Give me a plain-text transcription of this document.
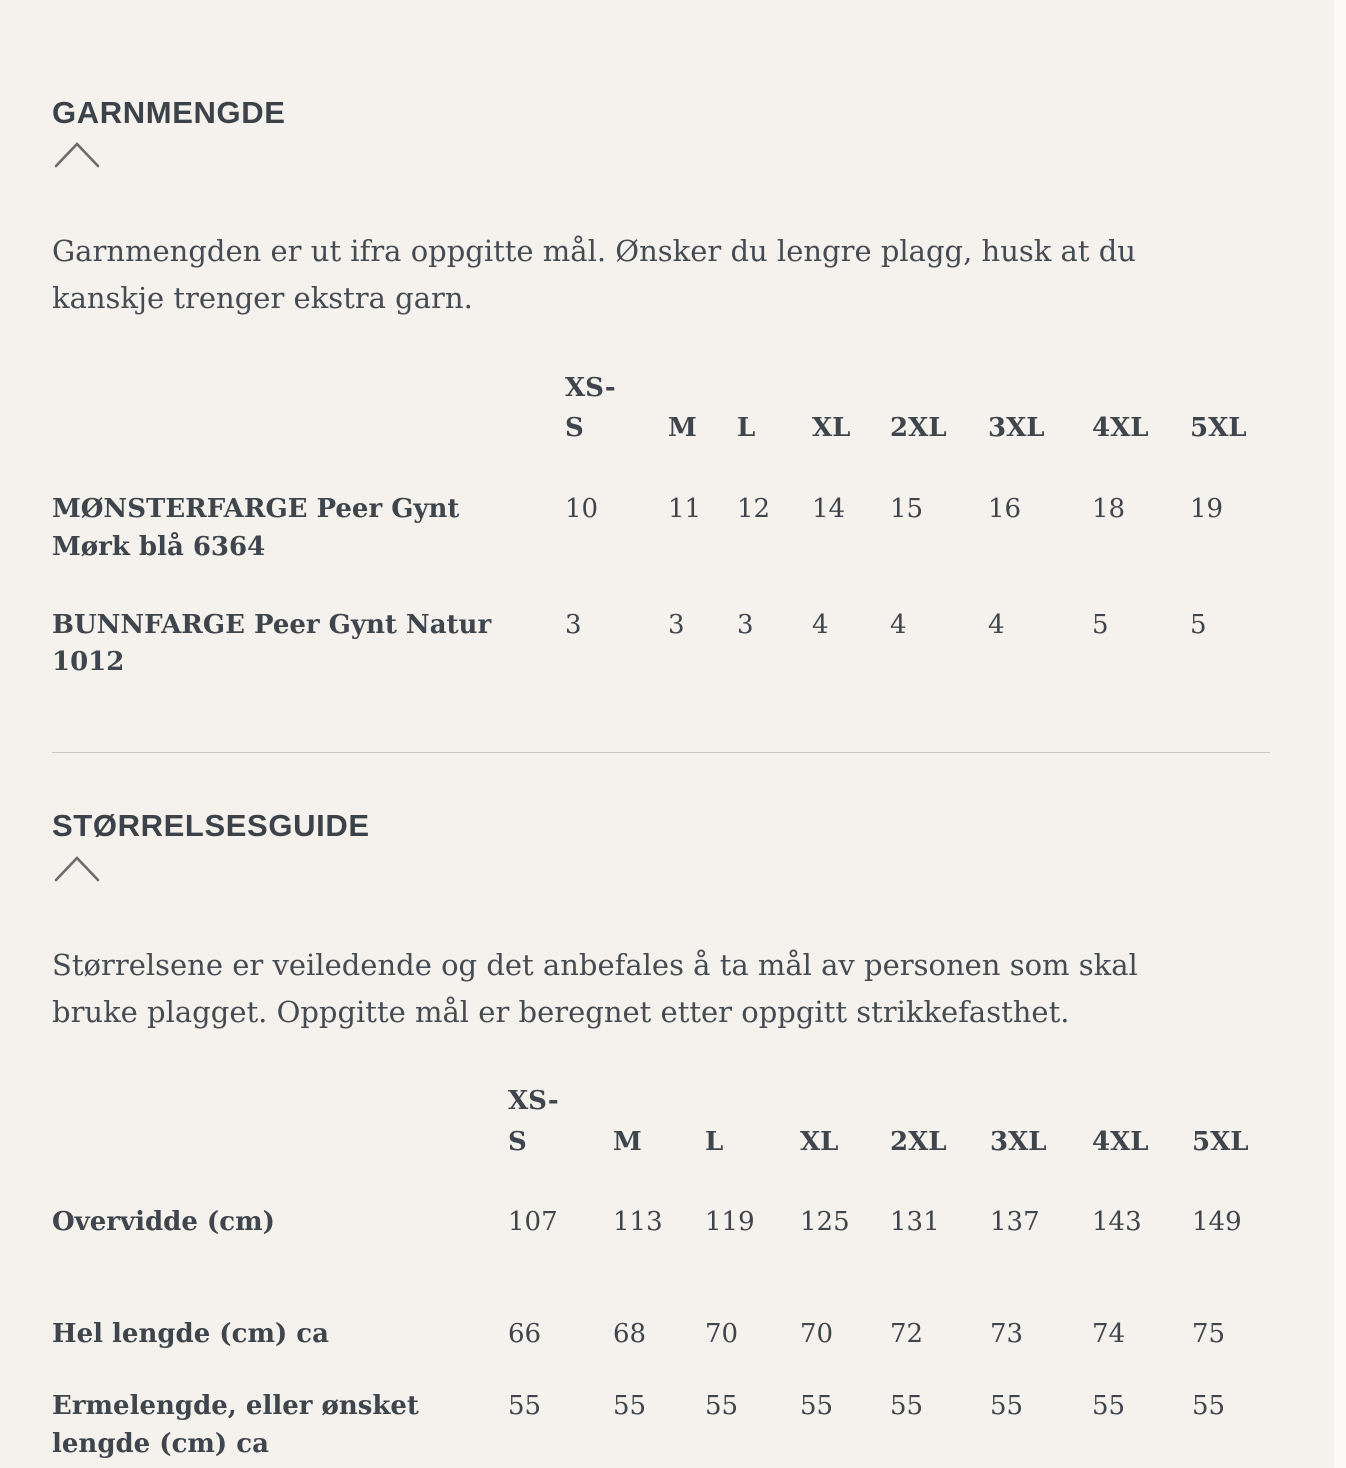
GARNMENGDE

Garnmengden er ut ifra oppgitte mål. Ønsker du lengre plagg, husk at du kanskje trenger ekstra garn.

	XS-S	M	L	XL	2XL	3XL	4XL	5XL
MØNSTERFARGE Peer Gynt Mørk blå 6364	10	11	12	14	15	16	18	19
BUNNFARGE Peer Gynt Natur 1012	3	3	3	4	4	4	5	5
STØRRELSESGUIDE

Størrelsene er veiledende og det anbefales å ta mål av personen som skal bruke plagget. Oppgitte mål er beregnet etter oppgitt strikkefasthet.

	XS-S	M	L	XL	2XL	3XL	4XL	5XL
Overvidde (cm)	107	113	119	125	131	137	143	149
Hel lengde (cm) ca	66	68	70	70	72	73	74	75
Ermelengde, eller ønsket lengde (cm) ca	55	55	55	55	55	55	55	55
